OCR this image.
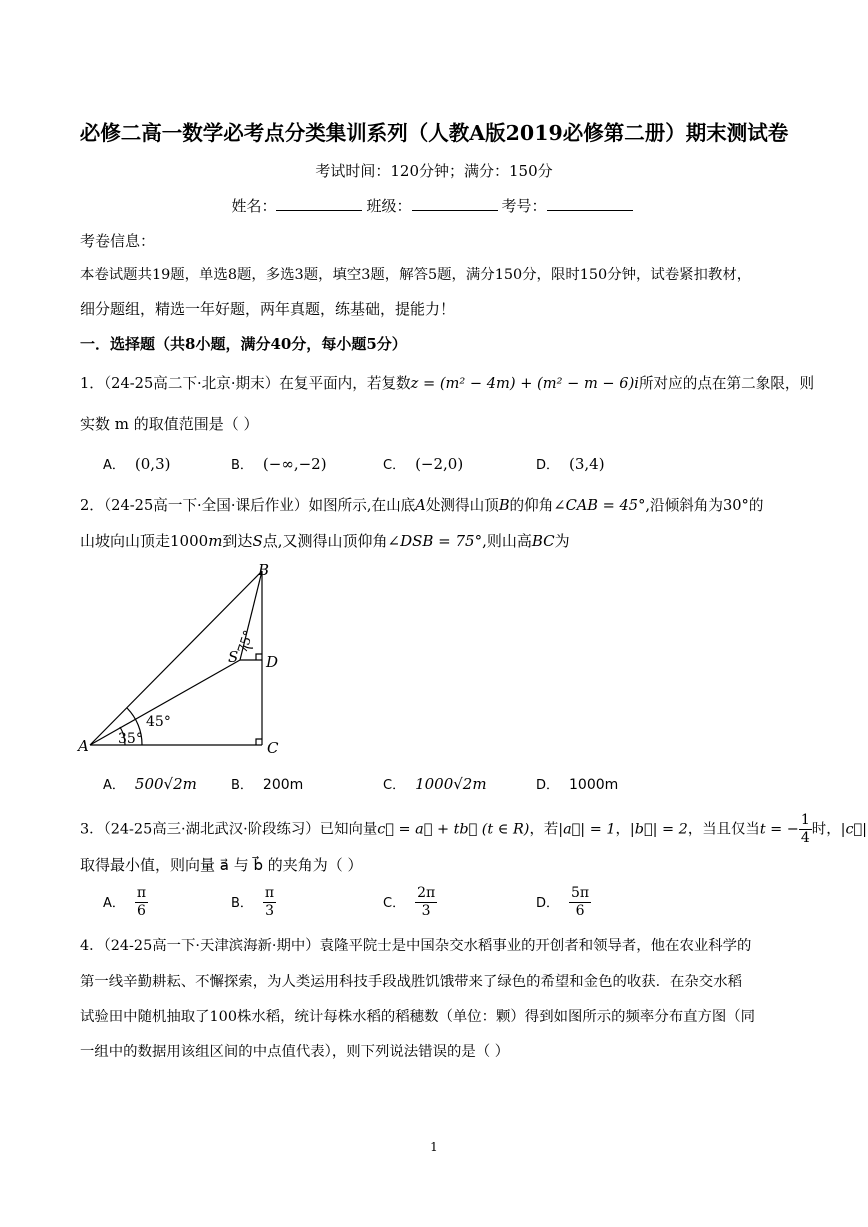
必修二高一数学必考点分类集训系列（人教A版2019必修第二册）期末测试卷
考试时间：120分钟；满分：150分
姓名：	班级：	考号：
考卷信息：
本卷试题共19题，单选8题，多选3题，填空3题，解答5题，满分150分，限时150分钟，试卷紧扣教材，
细分题组，精选一年好题，两年真题，练基础，提能力！
一．选择题（共8小题，满分40分，每小题5分）
1．（24-25高二下·北京·期末）在复平面内，若复数z = (m² − 4m) + (m² − m − 6)i所对应的点在第二象限，则
实数 m 的取值范围是（ ）
A． (0,3)	B． (−∞,−2)	C． (−2,0)	D． (3,4)
2．（24-25高一下·全国·课后作业）如图所示,在山底A处测得山顶B的仰角∠CAB = 45°,沿倾斜角为30°的
山坡向山顶走1000m到达S点,又测得山顶仰角∠DSB = 75°,则山高BC为
A
B
C
D
S
45°
35°
75°
A． 500√2m	B． 200m	C． 1000√2m	D． 1000m
3．（24-25高三·湖北武汉·阶段练习）已知向量c⃗ = a⃗ + tb⃗ (t ∈ R)，若|a⃗| = 1，|b⃗| = 2，当且仅当t = − $\frac{1}{4}$ 时，|c⃗|
取得最小值，则向量 a⃗ 与 b⃗ 的夹角为（ ）
A． $\frac{\pi}{6}$	B． $\frac{\pi}{3}$	C． $\frac{2\pi}{3}$	D． $\frac{5\pi}{6}$
4．（24-25高一下·天津滨海新·期中）袁隆平院士是中国杂交水稻事业的开创者和领导者，他在农业科学的
第一线辛勤耕耘、不懈探索，为人类运用科技手段战胜饥饿带来了绿色的希望和金色的收获．在杂交水稻
试验田中随机抽取了100株水稻，统计每株水稻的稻穗数（单位：颗）得到如图所示的频率分布直方图（同
一组中的数据用该组区间的中点值代表），则下列说法错误的是（ ）
1
